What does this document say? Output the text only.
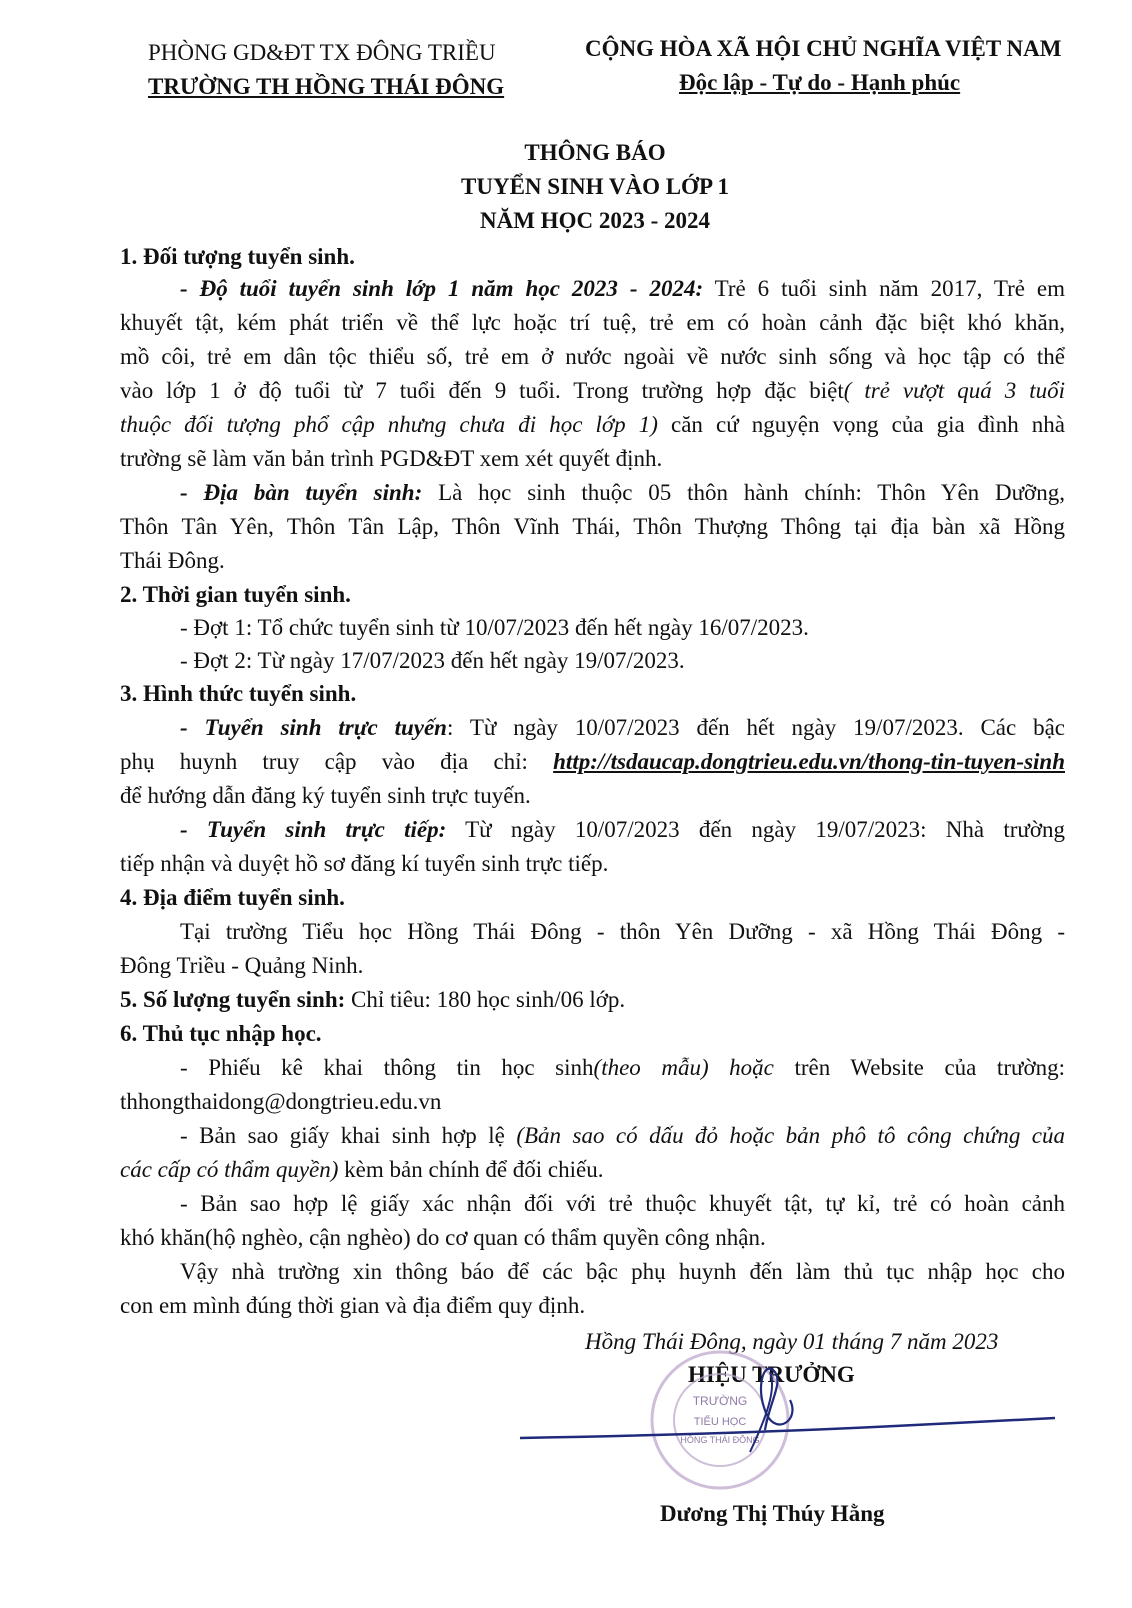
PHÒNG GD&ĐT TX ĐÔNG TRIỀU
TRƯỜNG TH HỒNG THÁI ĐÔNG
CỘNG HÒA XÃ HỘI CHỦ NGHĨA VIỆT NAM
Độc lập - Tự do - Hạnh phúc
THÔNG BÁO
TUYỂN SINH VÀO LỚP 1
NĂM HỌC 2023 - 2024
1. Đối tượng tuyển sinh.
- Độ tuổi tuyển sinh lớp 1 năm học 2023 - 2024: Trẻ 6 tuổi sinh năm 2017, Trẻ em
khuyết tật, kém phát triển về thể lực hoặc trí tuệ, trẻ em có hoàn cảnh đặc biệt khó khăn,
mồ côi, trẻ em dân tộc thiểu số, trẻ em ở nước ngoài về nước sinh sống và học tập có thể
vào lớp 1 ở độ tuổi từ 7 tuổi đến 9 tuổi. Trong trường hợp đặc biệt( trẻ vượt quá 3 tuổi
thuộc đối tượng phổ cập nhưng chưa đi học lớp 1) căn cứ nguyện vọng của gia đình nhà
trường sẽ làm văn bản trình PGD&ĐT xem xét quyết định.
- Địa bàn tuyển sinh: Là học sinh thuộc 05 thôn hành chính: Thôn Yên Dưỡng,
Thôn Tân Yên, Thôn Tân Lập, Thôn Vĩnh Thái, Thôn Thượng Thông tại địa bàn xã Hồng
Thái Đông.
2. Thời gian tuyển sinh.
- Đợt 1: Tổ chức tuyển sinh từ 10/07/2023 đến hết ngày 16/07/2023.
- Đợt 2: Từ ngày 17/07/2023 đến hết ngày 19/07/2023.
3. Hình thức tuyển sinh.
- Tuyển sinh trực tuyến: Từ ngày 10/07/2023 đến hết ngày 19/07/2023. Các bậc
phụ huynh truy cập vào địa chỉ: http://tsdaucap.dongtrieu.edu.vn/thong-tin-tuyen-sinh
để hướng dẫn đăng ký tuyển sinh trực tuyến.
- Tuyển sinh trực tiếp: Từ ngày 10/07/2023 đến ngày 19/07/2023: Nhà trường
tiếp nhận và duyệt hồ sơ đăng kí tuyển sinh trực tiếp.
4. Địa điểm tuyển sinh.
Tại trường Tiểu học Hồng Thái Đông - thôn Yên Dưỡng - xã Hồng Thái Đông -
Đông Triều - Quảng Ninh.
5. Số lượng tuyển sinh: Chỉ tiêu: 180 học sinh/06 lớp.
6. Thủ tục nhập học.
- Phiếu kê khai thông tin học sinh(theo mẫu) hoặc trên Website của trường:
thhongthaidong@dongtrieu.edu.vn
- Bản sao giấy khai sinh hợp lệ (Bản sao có dấu đỏ hoặc bản phô tô công chứng của
các cấp có thẩm quyền) kèm bản chính để đối chiếu.
- Bản sao hợp lệ giấy xác nhận đối với trẻ thuộc khuyết tật, tự kỉ, trẻ có hoàn cảnh
khó khăn(hộ nghèo, cận nghèo) do cơ quan có thẩm quyền công nhận.
Vậy nhà trường xin thông báo để các bậc phụ huynh đến làm thủ tục nhập học cho
con em mình đúng thời gian và địa điểm quy định.
Hồng Thái Đông, ngày 01 tháng 7 năm 2023
HIỆU TRƯỞNG
TRƯỜNG
TIỂU HỌC
HỒNG THÁI ĐÔNG
Dương Thị Thúy Hằng
